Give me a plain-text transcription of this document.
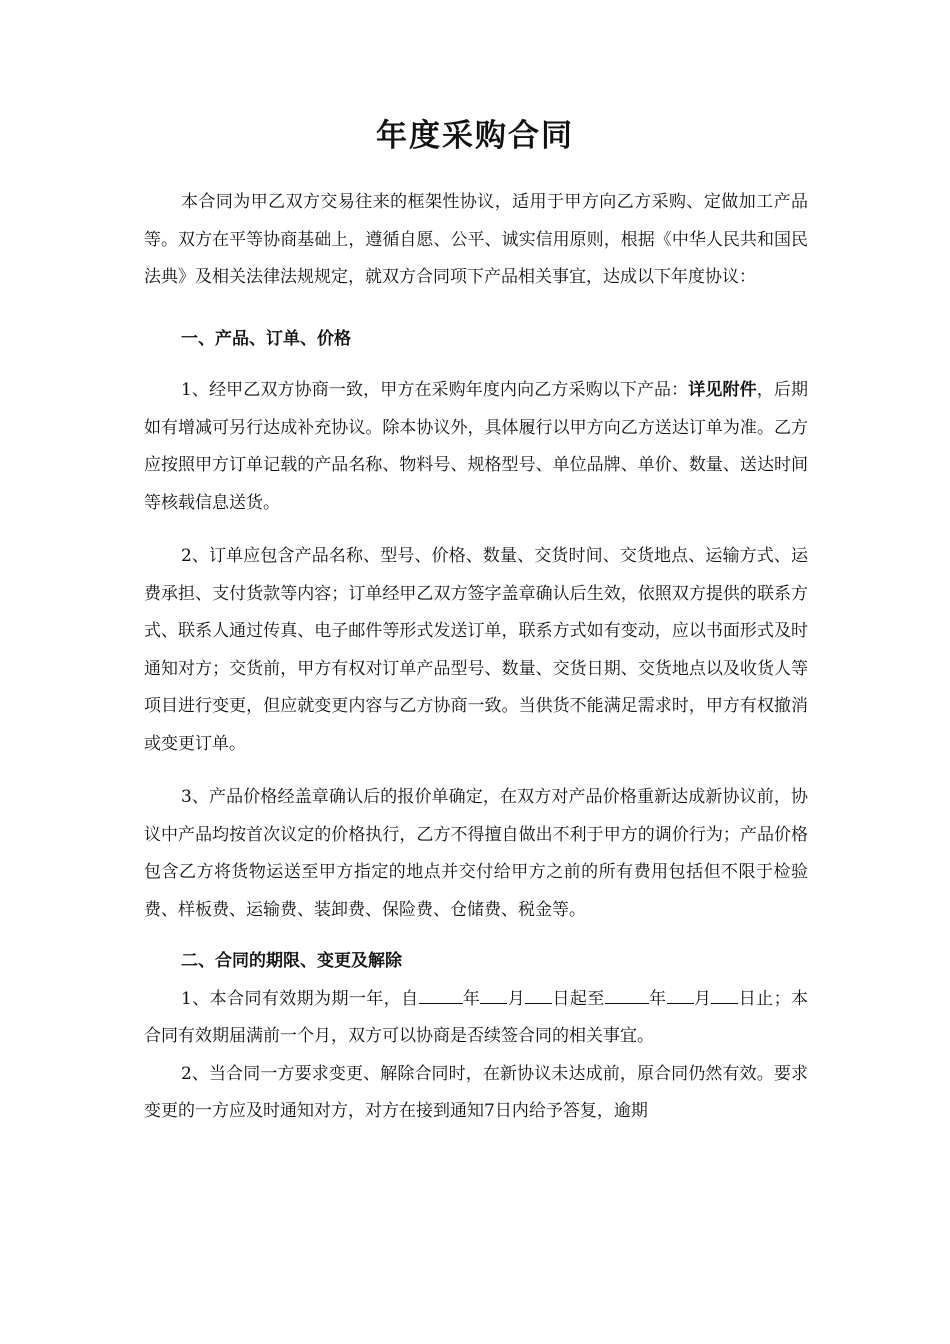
年度采购合同

本合同为甲乙双方交易往来的框架性协议，适用于甲方向乙方采购、定做加工产品等。双方在平等协商基础上，遵循自愿、公平、诚实信用原则，根据《中华人民共和国民法典》及相关法律法规规定，就双方合同项下产品相关事宜，达成以下年度协议：

一、产品、订单、价格

1、经甲乙双方协商一致，甲方在采购年度内向乙方采购以下产品：详见附件，后期如有增减可另行达成补充协议。除本协议外，具体履行以甲方向乙方送达订单为准。乙方应按照甲方订单记载的产品名称、物料号、规格型号、单位品牌、单价、数量、送达时间等核载信息送货。

2、订单应包含产品名称、型号、价格、数量、交货时间、交货地点、运输方式、运费承担、支付货款等内容；订单经甲乙双方签字盖章确认后生效，依照双方提供的联系方式、联系人通过传真、电子邮件等形式发送订单，联系方式如有变动，应以书面形式及时通知对方；交货前，甲方有权对订单产品型号、数量、交货日期、交货地点以及收货人等项目进行变更，但应就变更内容与乙方协商一致。当供货不能满足需求时，甲方有权撤消或变更订单。

3、产品价格经盖章确认后的报价单确定，在双方对产品价格重新达成新协议前，协议中产品均按首次议定的价格执行，乙方不得擅自做出不利于甲方的调价行为；产品价格包含乙方将货物运送至甲方指定的地点并交付给甲方之前的所有费用包括但不限于检验费、样板费、运输费、装卸费、保险费、仓储费、税金等。

二、合同的期限、变更及解除

1、本合同有效期为期一年，自	年 月 日起至	年 月 日止；本合同有效期届满前一个月，双方可以协商是否续签合同的相关事宜。

2、当合同一方要求变更、解除合同时，在新协议未达成前，原合同仍然有效。要求变更的一方应及时通知对方，对方在接到通知7日内给予答复，逾期
